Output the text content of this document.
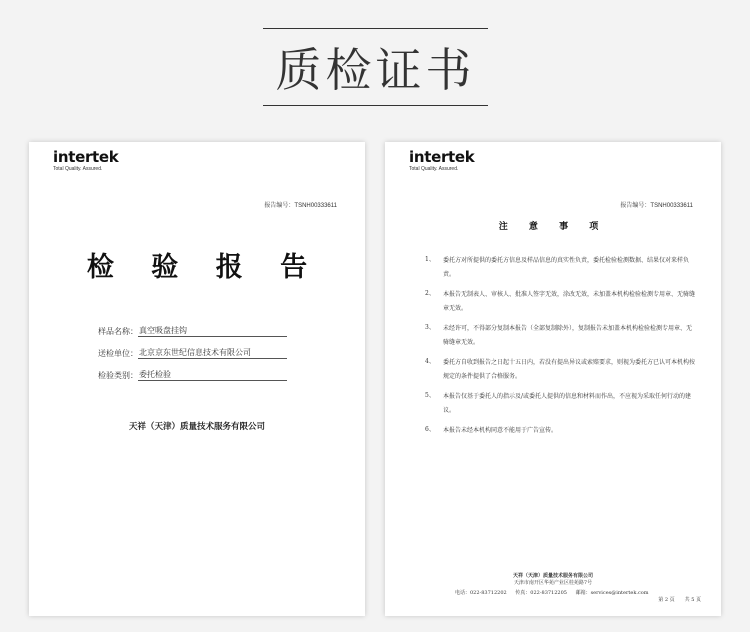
质检证书
intertek
Total Quality. Assured.
报告编号：TSNH00333611
检 验 报 告
样品名称： 真空吸盘挂钩
送检单位： 北京京东世纪信息技术有限公司
检验类别： 委托检验
天祥（天津）质量技术服务有限公司
intertek
Total Quality. Assured.
报告编号：TSNH00333611
注 意 事 项
1、	委托方对所提供的委托方信息及样品信息的真实性负责，委托检验检测数据、结果仅对来样负责。
2、	本报告无制表人、审核人、批准人签字无效，涂改无效，未加盖本机构检验检测专用章、无骑缝章无效。
3、	未经许可，不得部分复制本报告（全部复制除外），复制报告未加盖本机构检验检测专用章、无骑缝章无效。
4、	委托方自收到报告之日起十五日内，若没有提出异议或索赔要求，则视为委托方已认可本机构按规定的条件提供了合格服务。
5、	本报告仅基于委托人的指示及/或委托人提供的信息和材料而作出，不应视为采取任何行动的建议。
6、	本报告未经本机构同意不能用于广告宣传。
天祥（天津）质量技术服务有限公司
天津市南开区华苑产业区桂苑路7号
电话：022-83712202 传真：022-83712205 邮箱：services@intertek.com
第 2 页　　共 5 页
